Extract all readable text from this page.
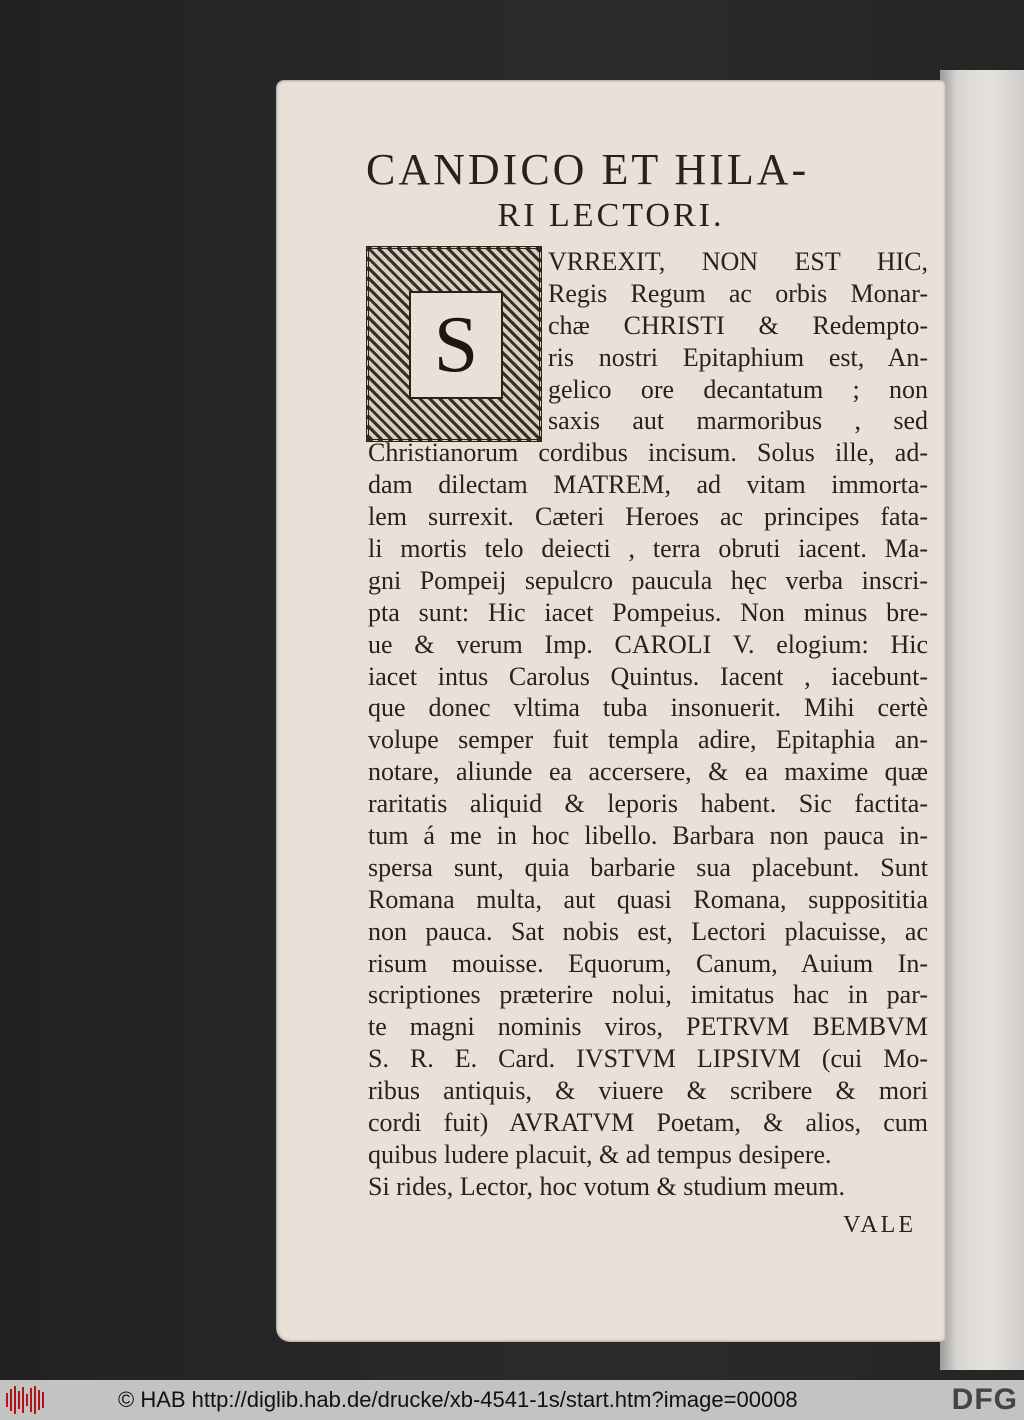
CANDICO ET HILA-
RI LECTORI.
S
VRREXIT, NON EST HIC,
Regis Regum ac orbis Monar-
chæ CHRISTI & Redempto-
ris nostri Epitaphium est, An-
gelico ore decantatum ; non
saxis aut marmoribus , sed
Christianorum cordibus incisum. Solus ille, ad-
dam dilectam MATREM, ad vitam immorta-
lem surrexit. Cæteri Heroes ac principes fata-
li mortis telo deiecti , terra obruti iacent. Ma-
gni Pompeij sepulcro paucula hęc verba inscri-
pta sunt: Hic iacet Pompeius. Non minus bre-
ue & verum Imp. CAROLI V. elogium: Hic
iacet intus Carolus Quintus. Iacent , iacebunt-
que donec vltima tuba insonuerit. Mihi certè
volupe semper fuit templa adire, Epitaphia an-
notare, aliunde ea accersere, & ea maxime quæ
raritatis aliquid & leporis habent. Sic factita-
tum á me in hoc libello. Barbara non pauca in-
spersa sunt, quia barbarie sua placebunt. Sunt
Romana multa, aut quasi Romana, supposititia
non pauca. Sat nobis est, Lectori placuisse, ac
risum mouisse. Equorum, Canum, Auium In-
scriptiones præterire nolui, imitatus hac in par-
te magni nominis viros, PETRVM BEMBVM
S. R. E. Card. IVSTVM LIPSIVM (cui Mo-
ribus antiquis, & viuere & scribere & mori
cordi fuit) AVRATVM Poetam, & alios, cum
quibus ludere placuit, & ad tempus desipere.
Si rides, Lector, hoc votum & studium meum.
VALE
© HAB http://diglib.hab.de/drucke/xb-4541-1s/start.htm?image=00008	DFG
